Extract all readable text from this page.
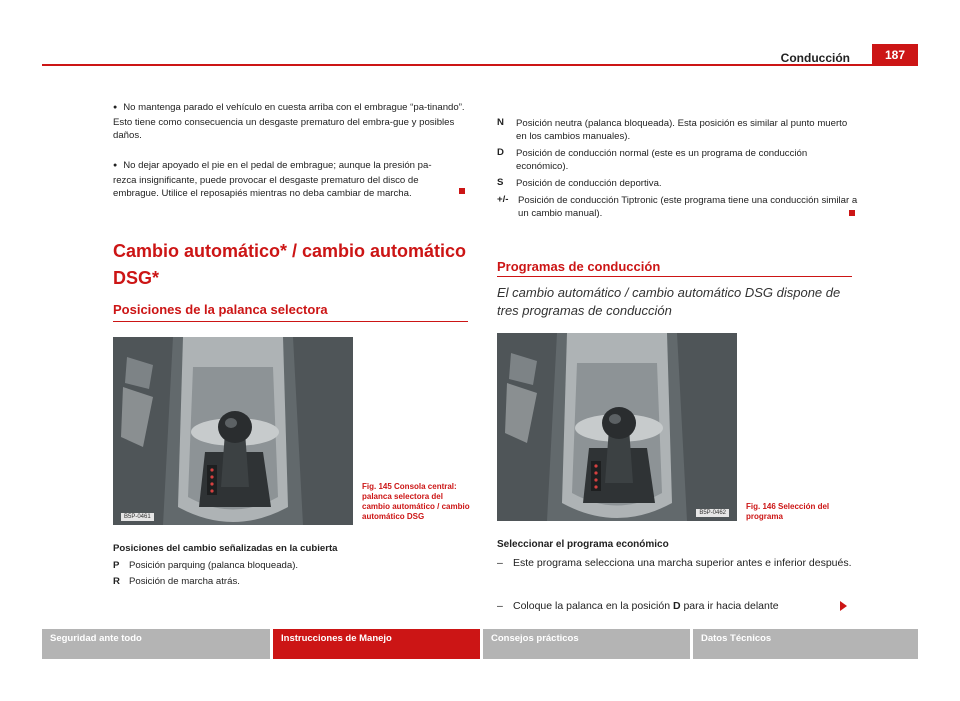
Conducción	187
● No mantenga parado el vehículo en cuesta arriba con el embrague “pa-tinando”. Esto tiene como consecuencia un desgaste prematuro del embra-gue y posibles daños.
● No dejar apoyado el pie en el pedal de embrague; aunque la presión pa-rezca insignificante, puede provocar el desgaste prematuro del disco de embrague. Utilice el reposapiés mientras no deba cambiar de marcha.
Cambio automático* / cambio automático DSG*
Posiciones de la palanca selectora
B5P-0461
Fig. 145 Consola central: palanca selectora del cambio automático / cambio automático DSG
Posiciones del cambio señalizadas en la cubierta
P Posición parquing (palanca bloqueada).
R Posición de marcha atrás.
N Posición neutra (palanca bloqueada). Esta posición es similar al punto muerto en los cambios manuales).
D Posición de conducción normal (este es un programa de conducción económico).
S Posición de conducción deportiva.
+/- Posición de conducción Tiptronic (este programa tiene una conducción similar a un cambio manual).
Programas de conducción
El cambio automático / cambio automático DSG dispone de tres programas de conducción
B5P-0462
Fig. 146 Selección del programa
Seleccionar el programa económico
– Este programa selecciona una marcha superior antes e inferior después.
– Coloque la palanca en la posición D para ir hacia delante
Seguridad ante todo	Instrucciones de Manejo	Consejos prácticos	Datos Técnicos
